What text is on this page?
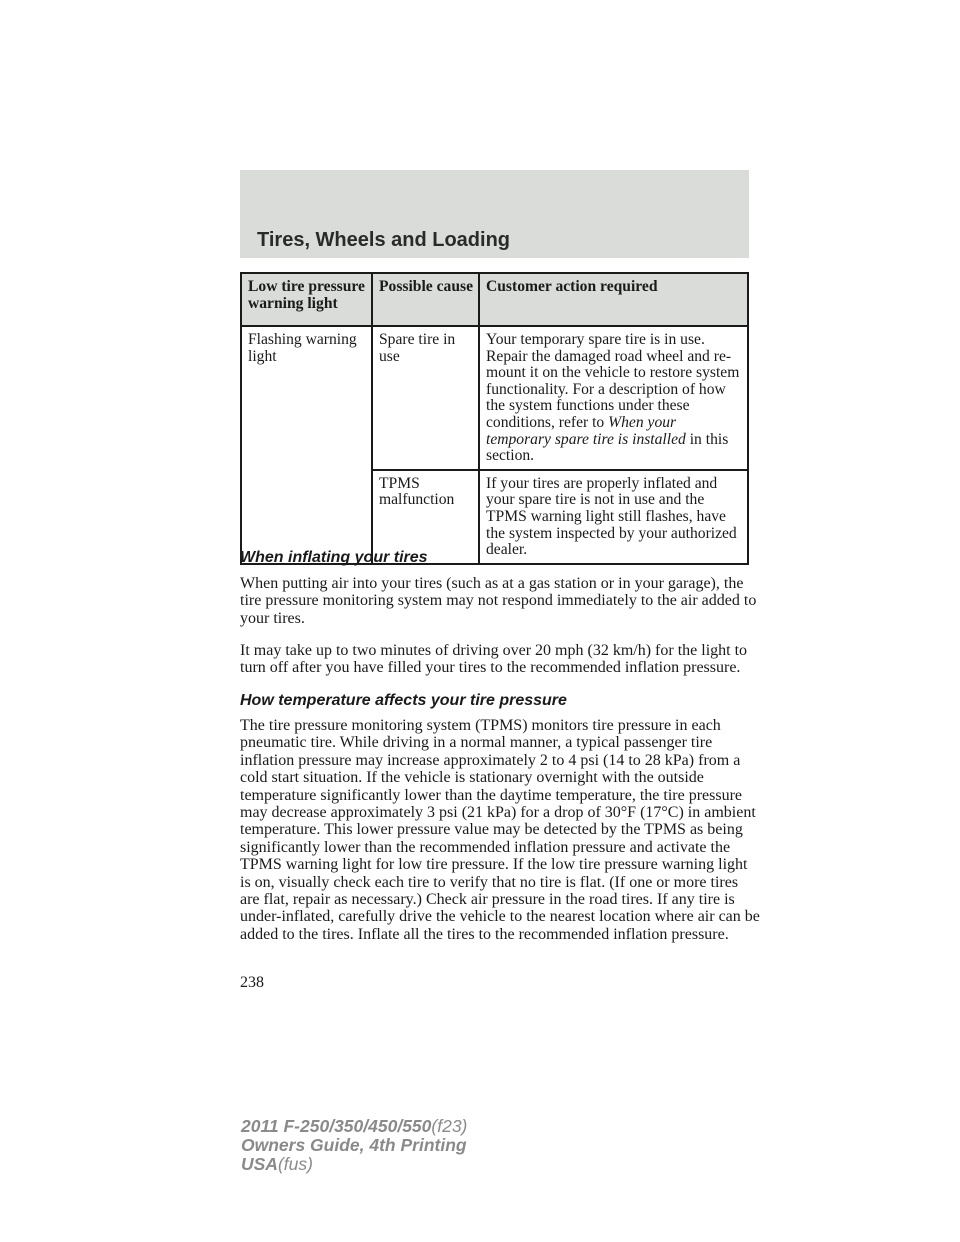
Tires, Wheels and Loading
Low tire pressure warning light	Possible cause	Customer action required
Flashing warning light	Spare tire in use	Your temporary spare tire is in use. Repair the damaged road wheel and re-mount it on the vehicle to restore system functionality. For a description of how the system functions under these conditions, refer to When your temporary spare tire is installed in this section.
	TPMS malfunction	If your tires are properly inflated and your spare tire is not in use and the TPMS warning light still flashes, have the system inspected by your authorized dealer.
When inflating your tires

When putting air into your tires (such as at a gas station or in your garage), the tire pressure monitoring system may not respond immediately to the air added to your tires.

It may take up to two minutes of driving over 20 mph (32 km/h) for the light to turn off after you have filled your tires to the recommended inflation pressure.

How temperature affects your tire pressure

The tire pressure monitoring system (TPMS) monitors tire pressure in each pneumatic tire. While driving in a normal manner, a typical passenger tire inflation pressure may increase approximately 2 to 4 psi (14 to 28 kPa) from a cold start situation. If the vehicle is stationary overnight with the outside temperature significantly lower than the daytime temperature, the tire pressure may decrease approximately 3 psi (21 kPa) for a drop of 30°F (17°C) in ambient temperature. This lower pressure value may be detected by the TPMS as being significantly lower than the recommended inflation pressure and activate the TPMS warning light for low tire pressure. If the low tire pressure warning light is on, visually check each tire to verify that no tire is flat. (If one or more tires are flat, repair as necessary.) Check air pressure in the road tires. If any tire is under-inflated, carefully drive the vehicle to the nearest location where air can be added to the tires. Inflate all the tires to the recommended inflation pressure.

238

2011 F-250/350/450/550(f23)
Owners Guide, 4th Printing
USA(fus)
